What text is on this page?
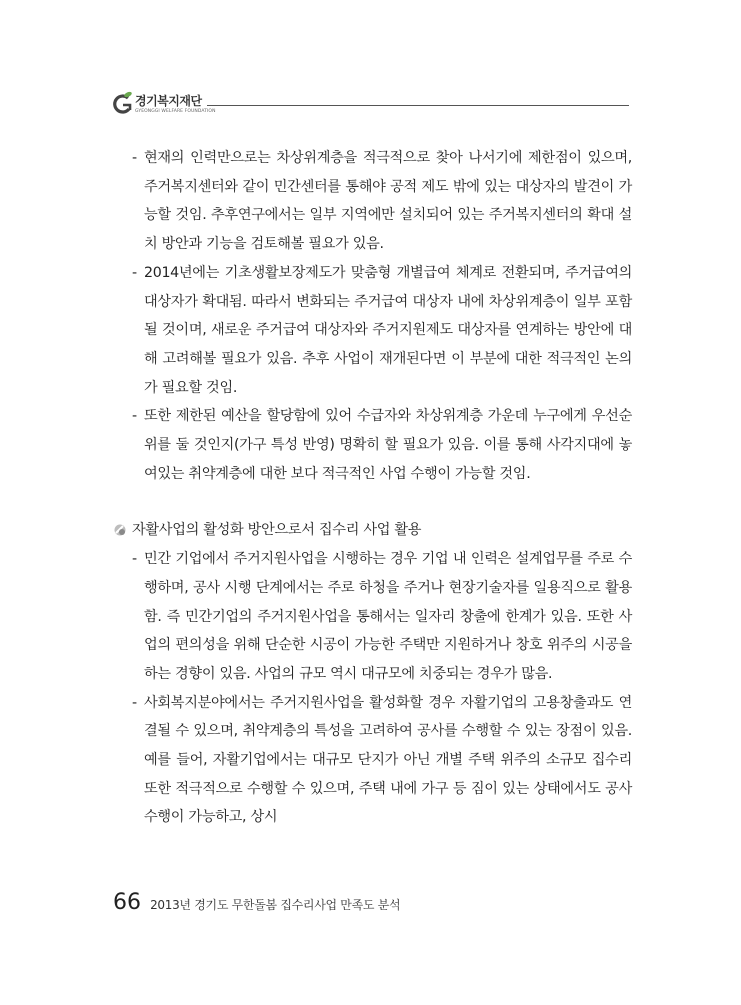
경기복지재단
GYEONGGI WELFARE FOUNDATION
- 현재의 인력만으로는 차상위계층을 적극적으로 찾아 나서기에 제한점이 있으며, 주거복지센터와 같이 민간센터를 통해야 공적 제도 밖에 있는 대상자의 발견이 가능할 것임. 추후연구에서는 일부 지역에만 설치되어 있는 주거복지센터의 확대 설치 방안과 기능을 검토해볼 필요가 있음.
- 2014년에는 기초생활보장제도가 맞춤형 개별급여 체계로 전환되며, 주거급여의 대상자가 확대됨. 따라서 변화되는 주거급여 대상자 내에 차상위계층이 일부 포함될 것이며, 새로운 주거급여 대상자와 주거지원제도 대상자를 연계하는 방안에 대해 고려해볼 필요가 있음. 추후 사업이 재개된다면 이 부분에 대한 적극적인 논의가 필요할 것임.
- 또한 제한된 예산을 할당함에 있어 수급자와 차상위계층 가운데 누구에게 우선순위를 둘 것인지(가구 특성 반영) 명확히 할 필요가 있음. 이를 통해 사각지대에 놓여있는 취약계층에 대한 보다 적극적인 사업 수행이 가능할 것임.
자활사업의 활성화 방안으로서 집수리 사업 활용
- 민간 기업에서 주거지원사업을 시행하는 경우 기업 내 인력은 설계업무를 주로 수행하며, 공사 시행 단계에서는 주로 하청을 주거나 현장기술자를 일용직으로 활용함. 즉 민간기업의 주거지원사업을 통해서는 일자리 창출에 한계가 있음. 또한 사업의 편의성을 위해 단순한 시공이 가능한 주택만 지원하거나 창호 위주의 시공을 하는 경향이 있음. 사업의 규모 역시 대규모에 치중되는 경우가 많음.
- 사회복지분야에서는 주거지원사업을 활성화할 경우 자활기업의 고용창출과도 연결될 수 있으며, 취약계층의 특성을 고려하여 공사를 수행할 수 있는 장점이 있음. 예를 들어, 자활기업에서는 대규모 단지가 아닌 개별 주택 위주의 소규모 집수리 또한 적극적으로 수행할 수 있으며, 주택 내에 가구 등 짐이 있는 상태에서도 공사 수행이 가능하고, 상시
66 2013년 경기도 무한돌봄 집수리사업 만족도 분석
